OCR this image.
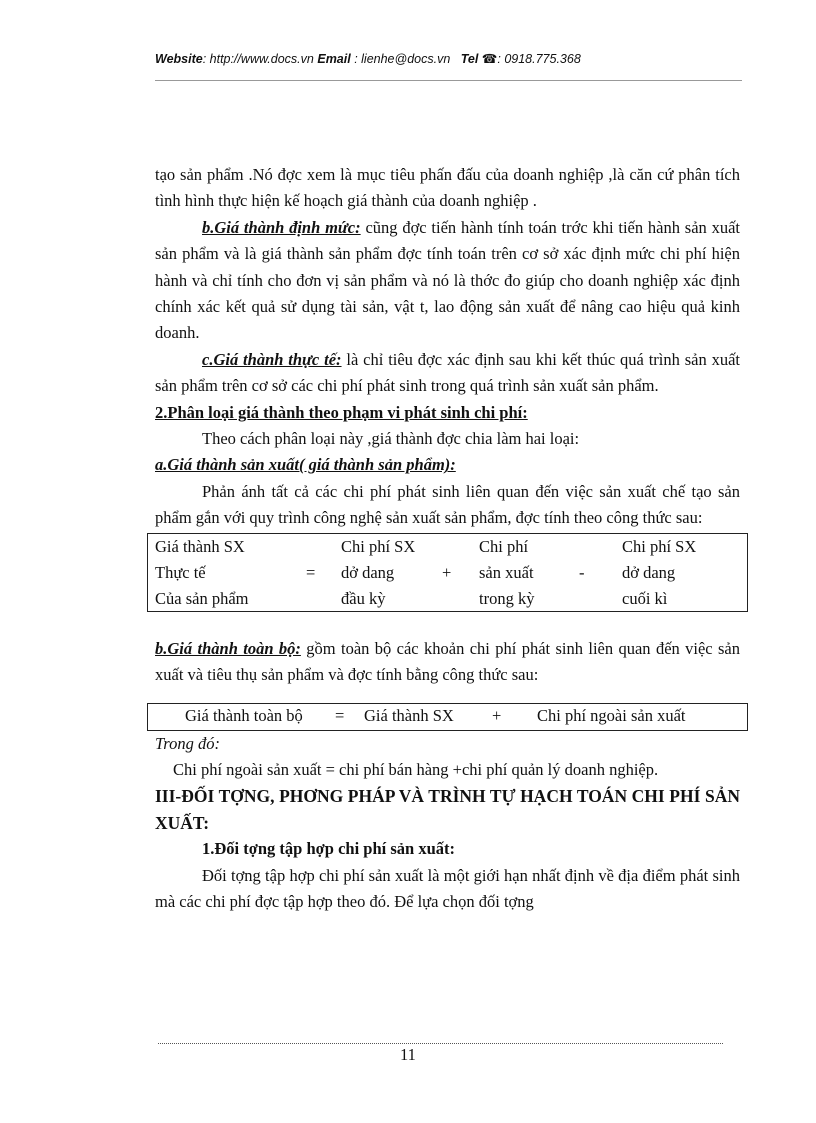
Website: http://www.docs.vn Email : lienhe@docs.vn Tel ☎: 0918.775.368

tạo sản phẩm .Nó đợc xem là mục tiêu phấn đấu của doanh nghiệp ,là căn cứ phân tích tình hình thực hiện kế hoạch giá thành của doanh nghiệp .

b.Giá thành định mức: cũng đợc tiến hành tính toán trớc khi tiến hành sản xuất sản phẩm và là giá thành sản phẩm đợc tính toán trên cơ sở xác định mức chi phí hiện hành và chỉ tính cho đơn vị sản phẩm và nó là thớc đo giúp cho doanh nghiệp xác định chính xác kết quả sử dụng tài sản, vật t, lao động sản xuất để nâng cao hiệu quả kinh doanh.

c.Giá thành thực tế: là chỉ tiêu đợc xác định sau khi kết thúc quá trình sản xuất sản phẩm trên cơ sở các chi phí phát sinh trong quá trình sản xuất sản phẩm.

2.Phân loại giá thành theo phạm vi phát sinh chi phí:

Theo cách phân loại này ,giá thành đợc chia làm hai loại:

a.Giá thành sản xuất( giá thành sản phẩm):

Phản ánh tất cả các chi phí phát sinh liên quan đến việc sản xuất chế tạo sản phẩm gắn với quy trình công nghệ sản xuất sản phẩm, đợc tính theo công thức sau:

Giá thành SX
Thực tế
Của sản phẩm
=
Chi phí SX
dở dang
đầu kỳ
+
Chi phí
sản xuất
trong kỳ
-
Chi phí SX
dở dang
cuối kì

b.Giá thành toàn bộ: gồm toàn bộ các khoản chi phí phát sinh liên quan đến việc sản xuất và tiêu thụ sản phẩm và đợc tính bằng công thức sau:

Giá thành toàn bộ = Giá thành SX + Chi phí ngoài sản xuất

Trong đó:

Chi phí ngoài sản xuất = chi phí bán hàng +chi phí quản lý doanh nghiệp.

III-ĐỐI TỢNG, PHƠNG PHÁP VÀ TRÌNH TỰ HẠCH TOÁN CHI PHÍ SẢN XUẤT:

1.Đối tợng tập hợp chi phí sản xuất:

Đối tợng tập hợp chi phí sản xuất là một giới hạn nhất định về địa điểm phát sinh mà các chi phí đợc tập hợp theo đó. Để lựa chọn đối tợng

11
